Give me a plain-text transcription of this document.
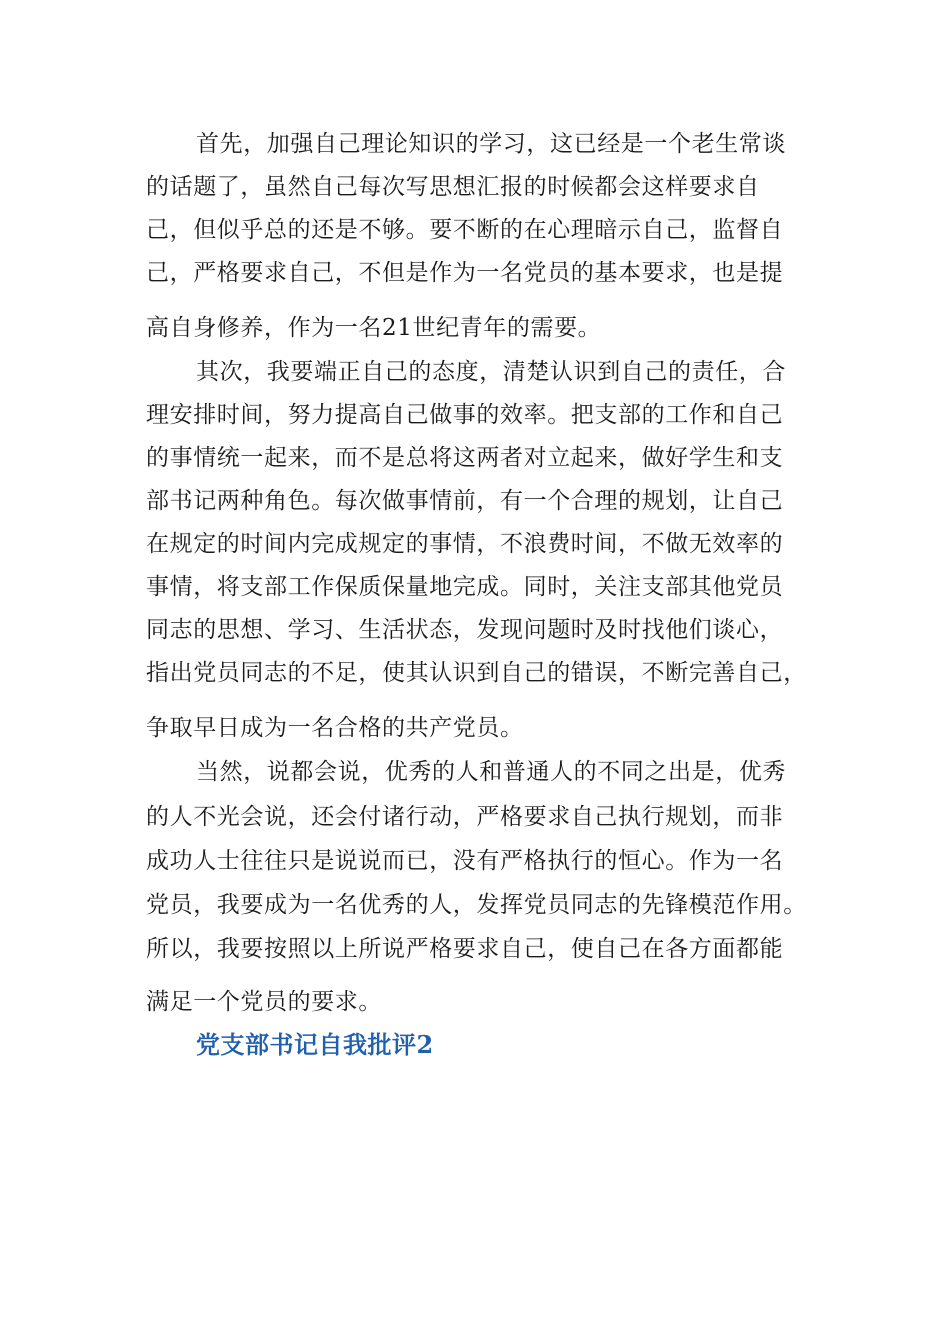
首先，加强自己理论知识的学习，这已经是一个老生常谈
的话题了，虽然自己每次写思想汇报的时候都会这样要求自
己，但似乎总的还是不够。要不断的在心理暗示自己，监督自
己，严格要求自己，不但是作为一名党员的基本要求，也是提
高自身修养，作为一名21世纪青年的需要。
其次，我要端正自己的态度，清楚认识到自己的责任，合
理安排时间，努力提高自己做事的效率。把支部的工作和自己
的事情统一起来，而不是总将这两者对立起来，做好学生和支
部书记两种角色。每次做事情前，有一个合理的规划，让自己
在规定的时间内完成规定的事情，不浪费时间，不做无效率的
事情，将支部工作保质保量地完成。同时，关注支部其他党员
同志的思想、学习、生活状态，发现问题时及时找他们谈心，
指出党员同志的不足，使其认识到自己的错误，不断完善自己，
争取早日成为一名合格的共产党员。
当然，说都会说，优秀的人和普通人的不同之出是，优秀
的人不光会说，还会付诸行动，严格要求自己执行规划，而非
成功人士往往只是说说而已，没有严格执行的恒心。作为一名
党员，我要成为一名优秀的人，发挥党员同志的先锋模范作用。
所以，我要按照以上所说严格要求自己，使自己在各方面都能
满足一个党员的要求。
党支部书记自我批评2
